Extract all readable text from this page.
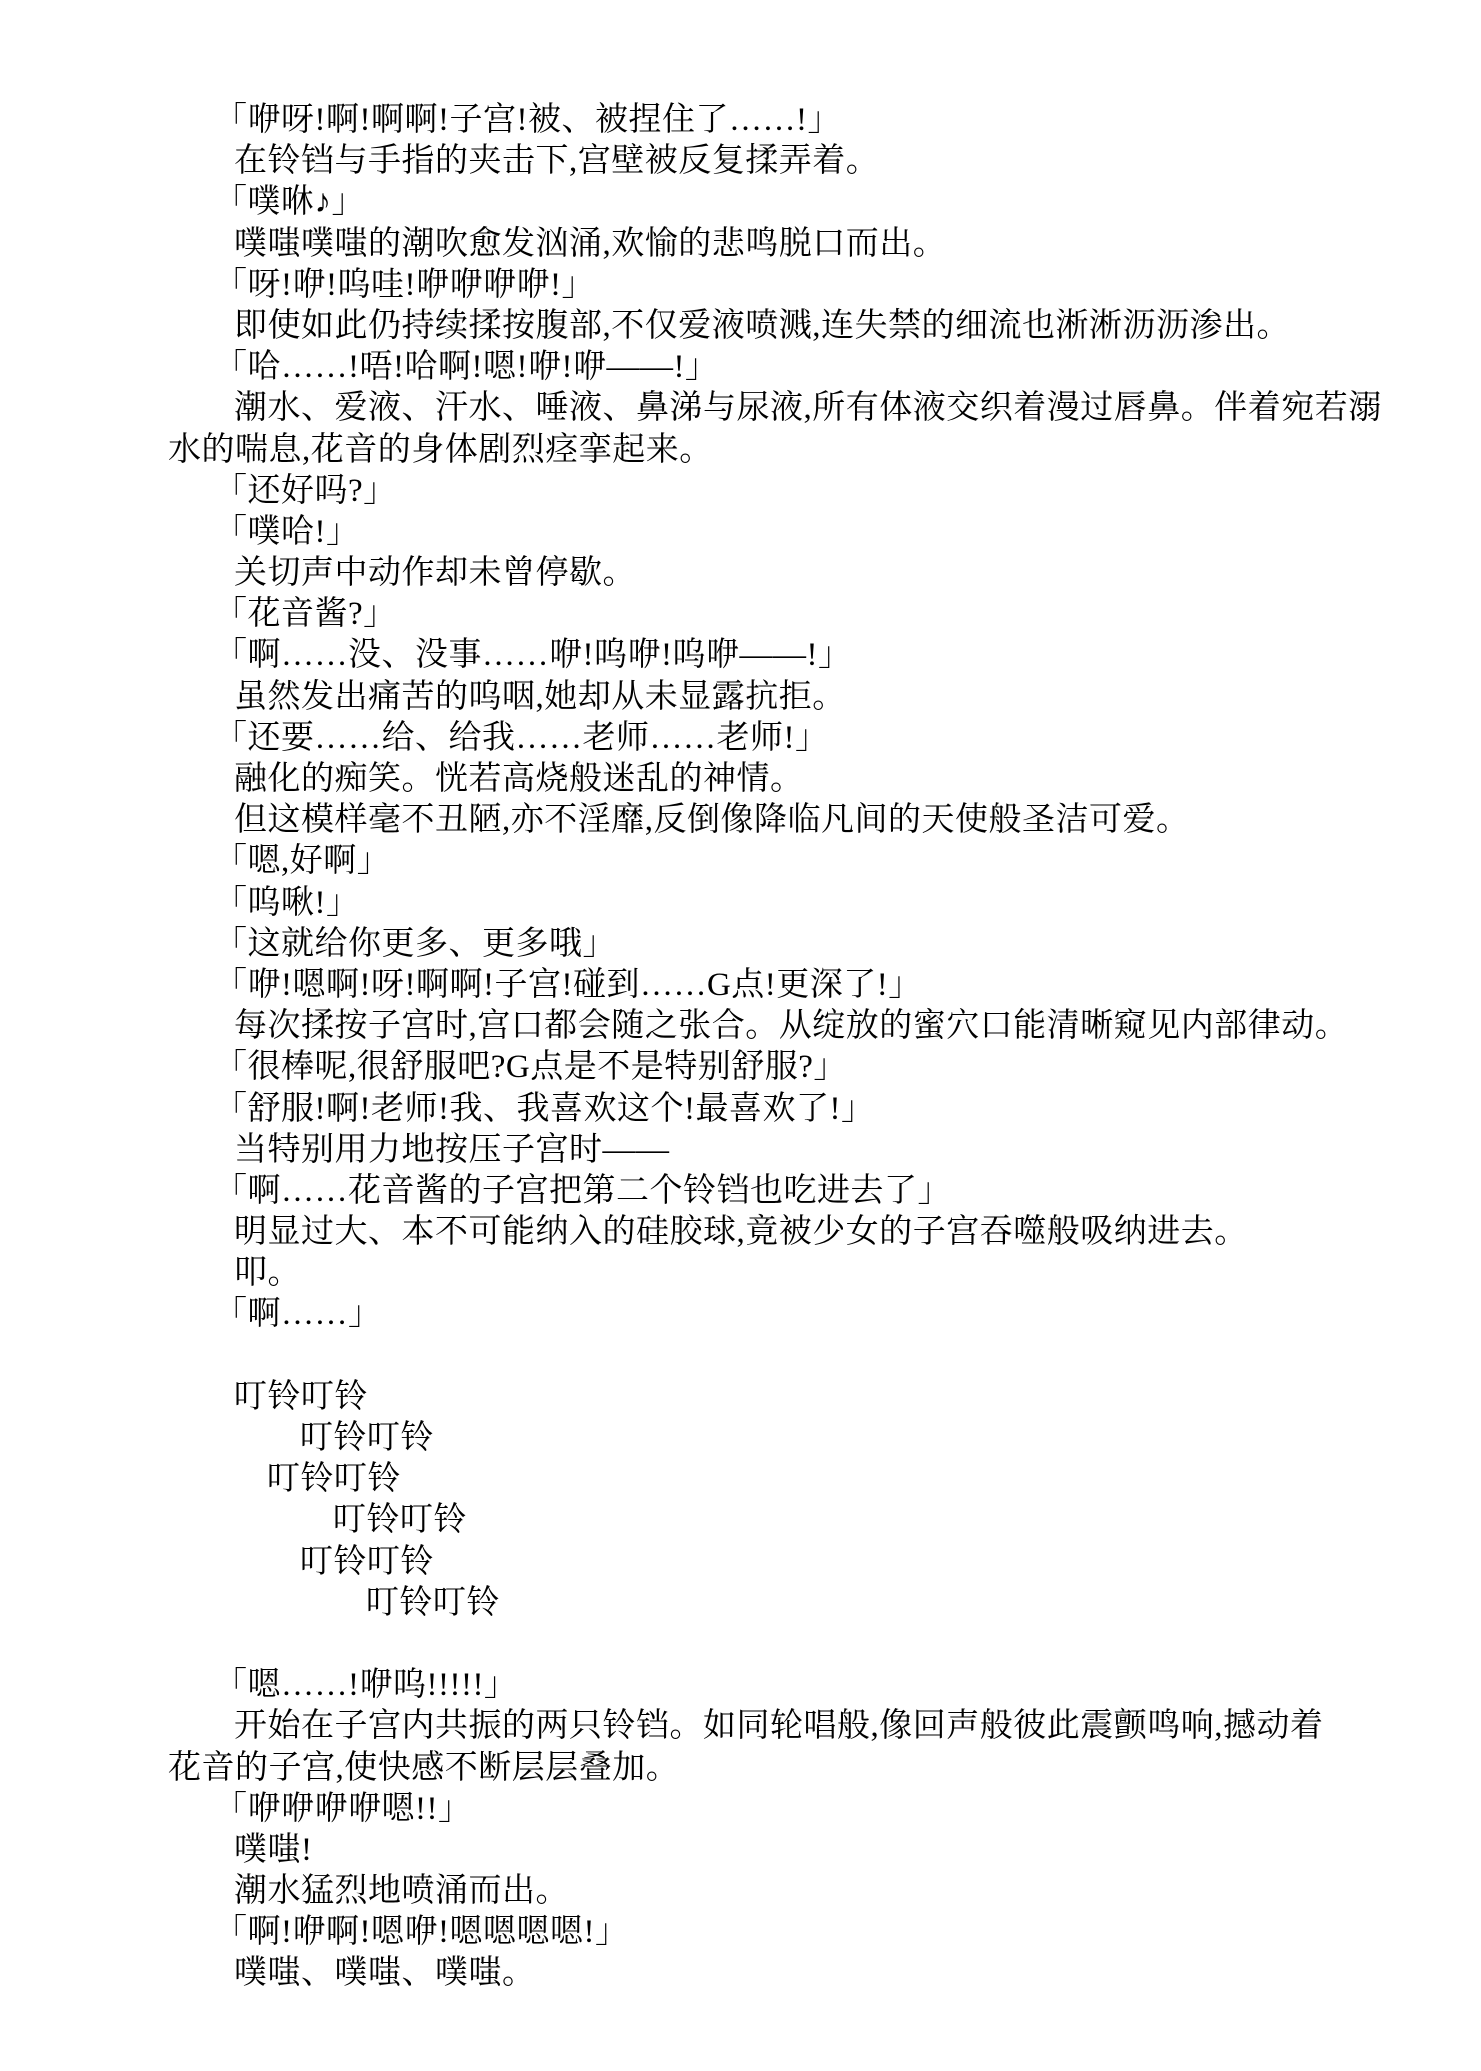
「咿呀!啊!啊啊!子宫!被、被捏住了……!」
在铃铛与手指的夹击下,宫壁被反复揉弄着。
「噗咻♪」
噗嗤噗嗤的潮吹愈发汹涌,欢愉的悲鸣脱口而出。
「呀!咿!呜哇!咿咿咿咿!」
即使如此仍持续揉按腹部,不仅爱液喷溅,连失禁的细流也淅淅沥沥渗出。
「哈……!唔!哈啊!嗯!咿!咿——!」
潮水、爱液、汗水、唾液、鼻涕与尿液,所有体液交织着漫过唇鼻。伴着宛若溺
水的喘息,花音的身体剧烈痉挛起来。
「还好吗?」
「噗哈!」
关切声中动作却未曾停歇。
「花音酱?」
「啊……没、没事……咿!呜咿!呜咿——!」
虽然发出痛苦的呜咽,她却从未显露抗拒。
「还要……给、给我……老师……老师!」
融化的痴笑。恍若高烧般迷乱的神情。
但这模样毫不丑陋,亦不淫靡,反倒像降临凡间的天使般圣洁可爱。
「嗯,好啊」
「呜啾!」
「这就给你更多、更多哦」
「咿!嗯啊!呀!啊啊!子宫!碰到……G点!更深了!」
每次揉按子宫时,宫口都会随之张合。从绽放的蜜穴口能清晰窥见内部律动。
「很棒呢,很舒服吧?G点是不是特别舒服?」
「舒服!啊!老师!我、我喜欢这个!最喜欢了!」
当特别用力地按压子宫时——
「啊……花音酱的子宫把第二个铃铛也吃进去了」
明显过大、本不可能纳入的硅胶球,竟被少女的子宫吞噬般吸纳进去。
叩。
「啊……」
叮铃叮铃
叮铃叮铃
叮铃叮铃
叮铃叮铃
叮铃叮铃
叮铃叮铃
「嗯……!咿呜!!!!!」
开始在子宫内共振的两只铃铛。如同轮唱般,像回声般彼此震颤鸣响,撼动着
花音的子宫,使快感不断层层叠加。
「咿咿咿咿嗯!!」
噗嗤!
潮水猛烈地喷涌而出。
「啊!咿啊!嗯咿!嗯嗯嗯嗯!」
噗嗤、噗嗤、噗嗤。
